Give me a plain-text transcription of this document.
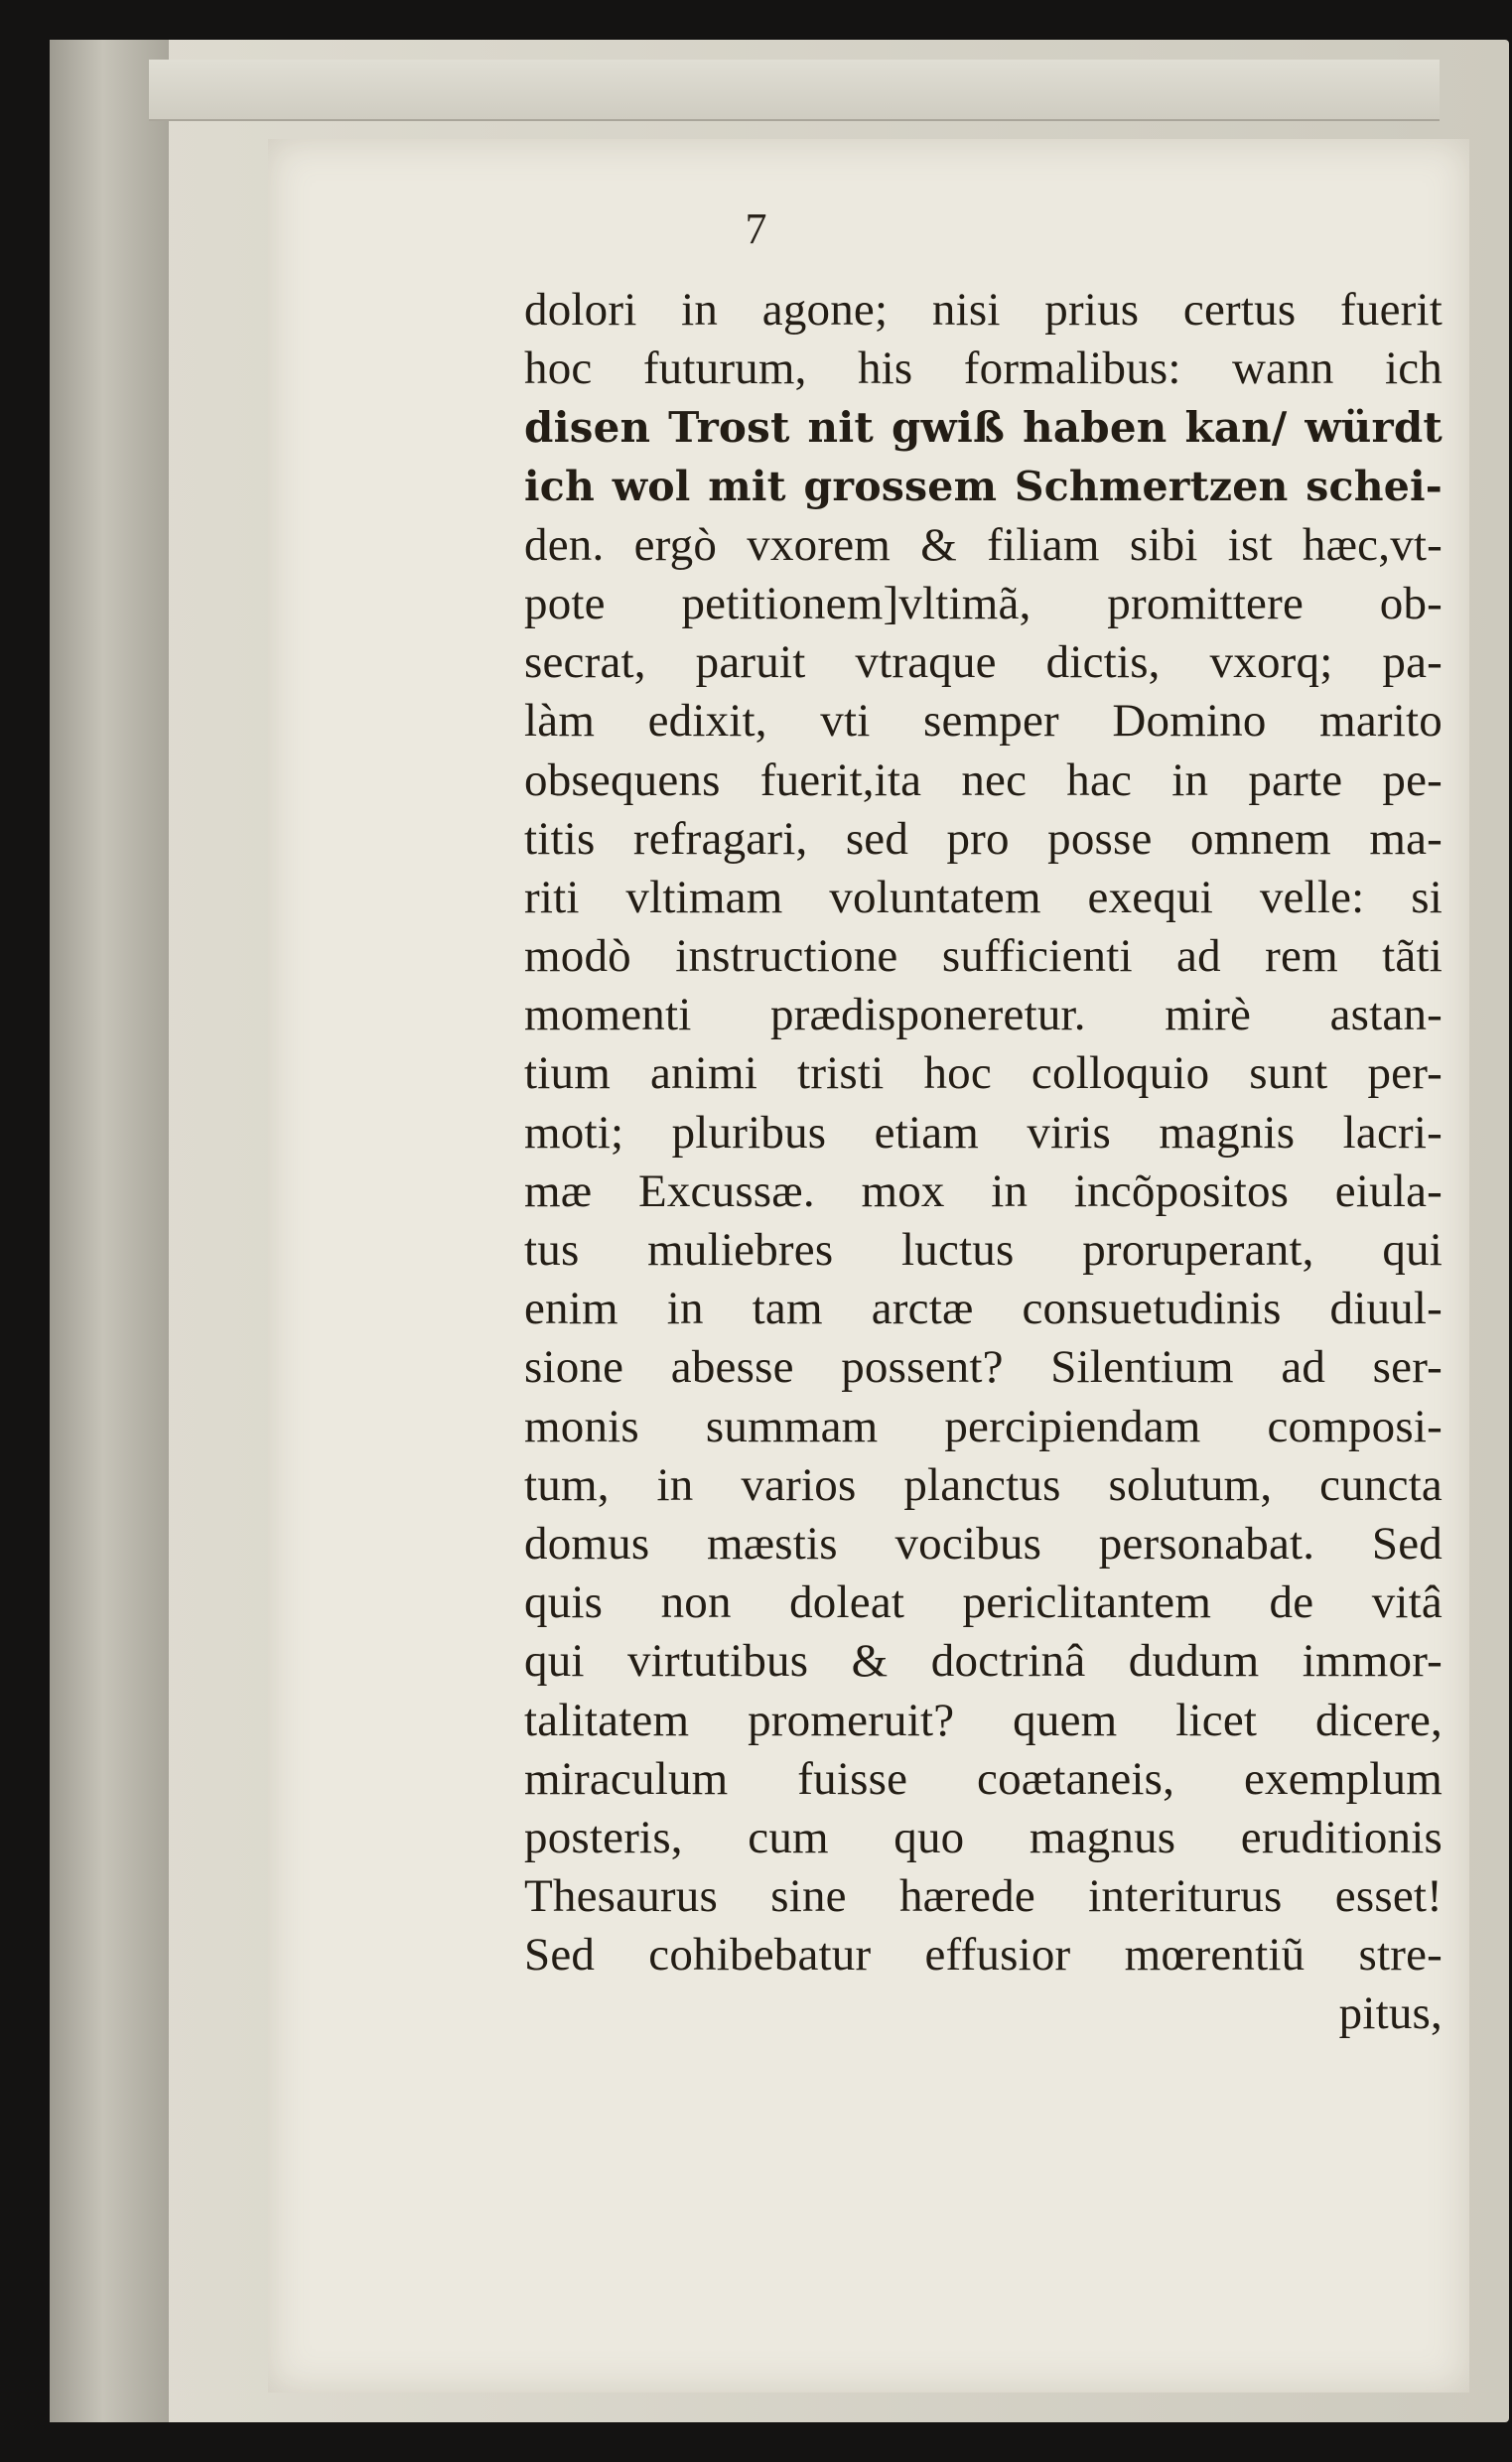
7
dolori in agone; nisi prius certus fuerit
hoc futurum, his formalibus: wann ich
disen Trost nit gwiß haben kan/ würdt
ich wol mit grossem Schmertzen schei-
den. ergò vxorem & filiam sibi ist hæc,vt-
pote petitionem]vltimã, promittere ob-
secrat, paruit vtraque dictis, vxorq; pa-
làm edixit, vti semper Domino marito
obsequens fuerit,ita nec hac in parte pe-
titis refragari, sed pro posse omnem ma-
riti vltimam voluntatem exequi velle: si
modò instructione sufficienti ad rem tãti
momenti prædisponeretur. mirè astan-
tium animi tristi hoc colloquio sunt per-
moti; pluribus etiam viris magnis lacri-
mæ Excussæ. mox in incõpositos eiula-
tus muliebres luctus proruperant, qui
enim in tam arctæ consuetudinis diuul-
sione abesse possent? Silentium ad ser-
monis summam percipiendam composi-
tum, in varios planctus solutum, cuncta
domus mæstis vocibus personabat. Sed
quis non doleat periclitantem de vitâ
qui virtutibus & doctrinâ dudum immor-
talitatem promeruit? quem licet dicere,
miraculum fuisse coætaneis, exemplum
posteris, cum quo magnus eruditionis
Thesaurus sine hærede interiturus esset!
Sed cohibebatur effusior mœrentiũ stre-
pitus,
